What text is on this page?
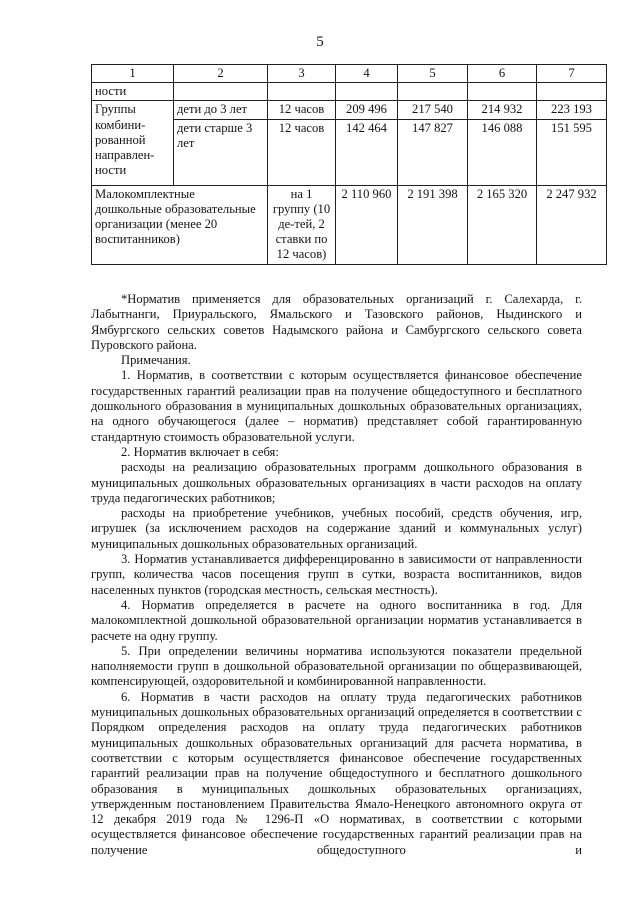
5
1	2	3	4	5	6	7
ности						
Группы комбини-рованной направлен-ности	дети до 3 лет	12 часов	209 496	217 540	214 932	223 193
	дети старше 3 лет	12 часов	142 464	147 827	146 088	151 595
Малокомплектные дошкольные образовательные организации (менее 20 воспитанников)		на 1 группу (10 де-тей, 2 ставки по 12 часов)	2 110 960	2 191 398	2 165 320	2 247 932

*Норматив применяется для образовательных организаций г. Салехарда, г. Лабытнанги, Приуральского, Ямальского и Тазовского районов, Ныдинского и Ямбургского сельских советов Надымского района и Самбургского сельского совета Пуровского района.

Примечания.

1. Норматив, в соответствии с которым осуществляется финансовое обеспечение государственных гарантий реализации прав на получение общедоступного и бесплатного дошкольного образования в муниципальных дошкольных образовательных организациях, на одного обучающегося (далее – норматив) представляет собой гарантированную стандартную стоимость образовательной услуги.

2. Норматив включает в себя:

расходы на реализацию образовательных программ дошкольного образования в муниципальных дошкольных образовательных организациях в части расходов на оплату труда педагогических работников;

расходы на приобретение учебников, учебных пособий, средств обучения, игр, игрушек (за исключением расходов на содержание зданий и коммунальных услуг) муниципальных дошкольных образовательных организаций.

3. Норматив устанавливается дифференцированно в зависимости от направленности групп, количества часов посещения групп в сутки, возраста воспитанников, видов населенных пунктов (городская местность, сельская местность).

4. Норматив определяется в расчете на одного воспитанника в год. Для малокомплектной дошкольной образовательной организации норматив устанавливается в расчете на одну группу.

5. При определении величины норматива используются показатели предельной наполняемости групп в дошкольной образовательной организации по общеразвивающей, компенсирующей, оздоровительной и комбинированной направленности.

6. Норматив в части расходов на оплату труда педагогических работников муниципальных дошкольных образовательных организаций определяется в соответствии с Порядком определения расходов на оплату труда педагогических работников муниципальных дошкольных образовательных организаций для расчета норматива, в соответствии с которым осуществляется финансовое обеспечение государственных гарантий реализации прав на получение общедоступного и бесплатного дошкольного образования в муниципальных дошкольных образовательных организациях, утвержденным постановлением Правительства Ямало-Ненецкого автономного округа от 12 декабря 2019 года № 1296-П «О нормативах, в соответствии с которыми осуществляется финансовое обеспечение государственных гарантий реализации прав на получение общедоступного и
